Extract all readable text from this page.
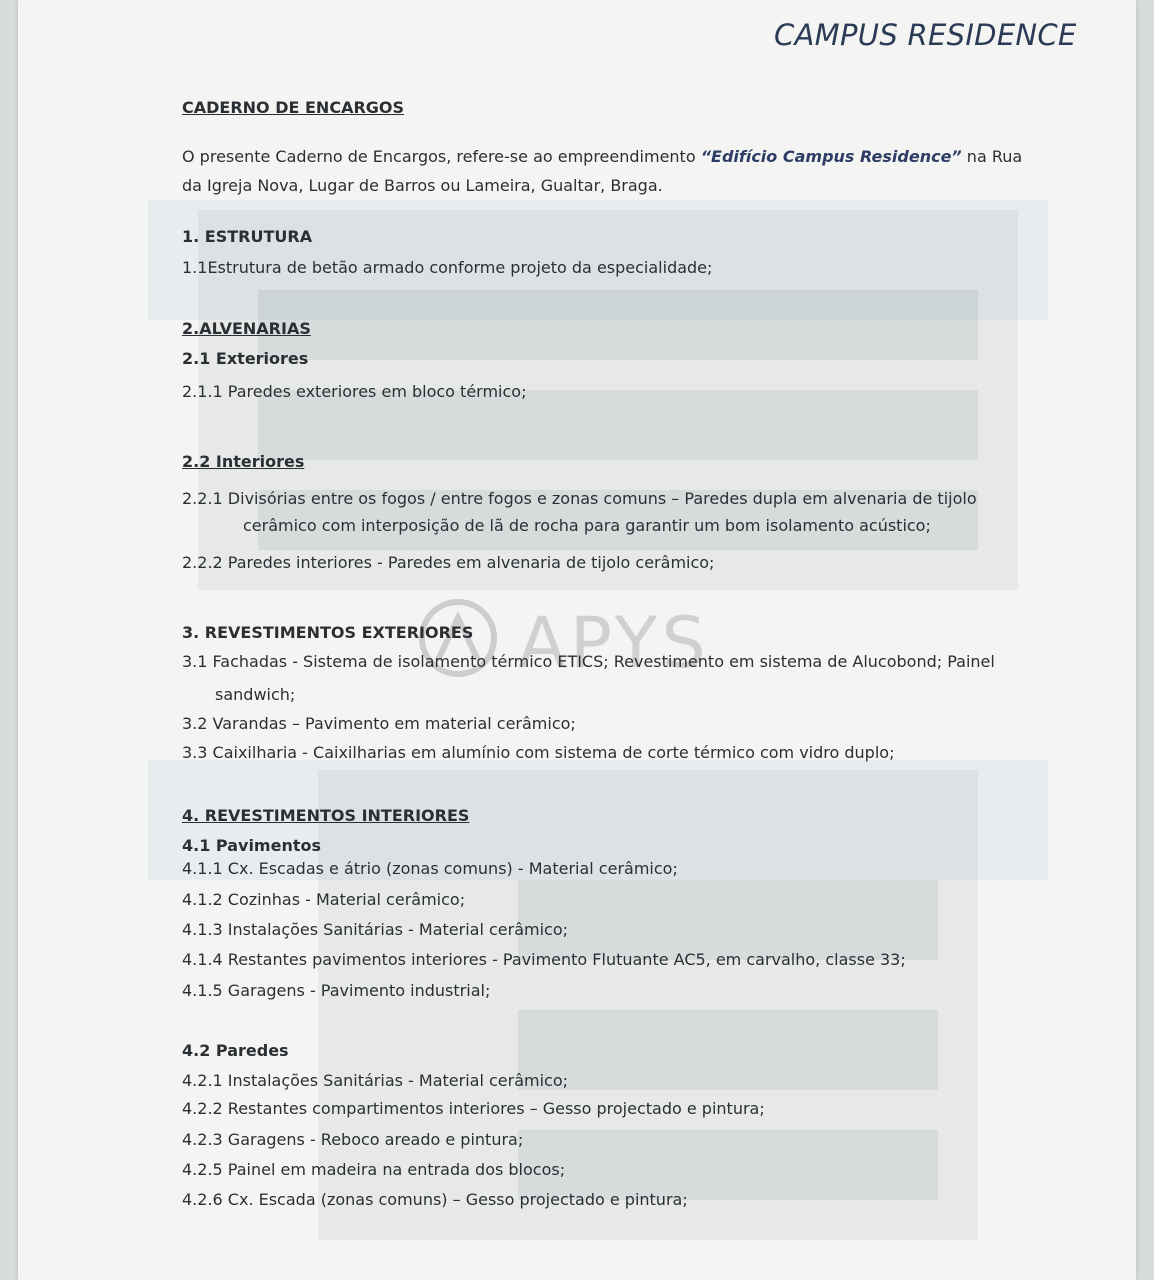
APYS
CAMPUS RESIDENCE
CADERNO DE ENCARGOS
O presente Caderno de Encargos, refere-se ao empreendimento “Edifício Campus Residence” na Rua
da Igreja Nova, Lugar de Barros ou Lameira, Gualtar, Braga.
1. ESTRUTURA
1.1Estrutura de betão armado conforme projeto da especialidade;
2.ALVENARIAS
2.1 Exteriores
2.1.1 Paredes exteriores em bloco térmico;
2.2 Interiores
2.2.1 Divisórias entre os fogos / entre fogos e zonas comuns – Paredes dupla em alvenaria de tijolo
cerâmico com interposição de lã de rocha para garantir um bom isolamento acústico;
2.2.2 Paredes interiores - Paredes em alvenaria de tijolo cerâmico;
3. REVESTIMENTOS EXTERIORES
3.1 Fachadas - Sistema de isolamento térmico ETICS; Revestimento em sistema de Alucobond; Painel
sandwich;
3.2 Varandas – Pavimento em material cerâmico;
3.3 Caixilharia - Caixilharias em alumínio com sistema de corte térmico com vidro duplo;
4. REVESTIMENTOS INTERIORES
4.1 Pavimentos
4.1.1 Cx. Escadas e átrio (zonas comuns) - Material cerâmico;
4.1.2 Cozinhas - Material cerâmico;
4.1.3 Instalações Sanitárias - Material cerâmico;
4.1.4 Restantes pavimentos interiores - Pavimento Flutuante AC5, em carvalho, classe 33;
4.1.5 Garagens - Pavimento industrial;
4.2 Paredes
4.2.1 Instalações Sanitárias - Material cerâmico;
4.2.2 Restantes compartimentos interiores – Gesso projectado e pintura;
4.2.3 Garagens - Reboco areado e pintura;
4.2.5 Painel em madeira na entrada dos blocos;
4.2.6 Cx. Escada (zonas comuns) – Gesso projectado e pintura;
